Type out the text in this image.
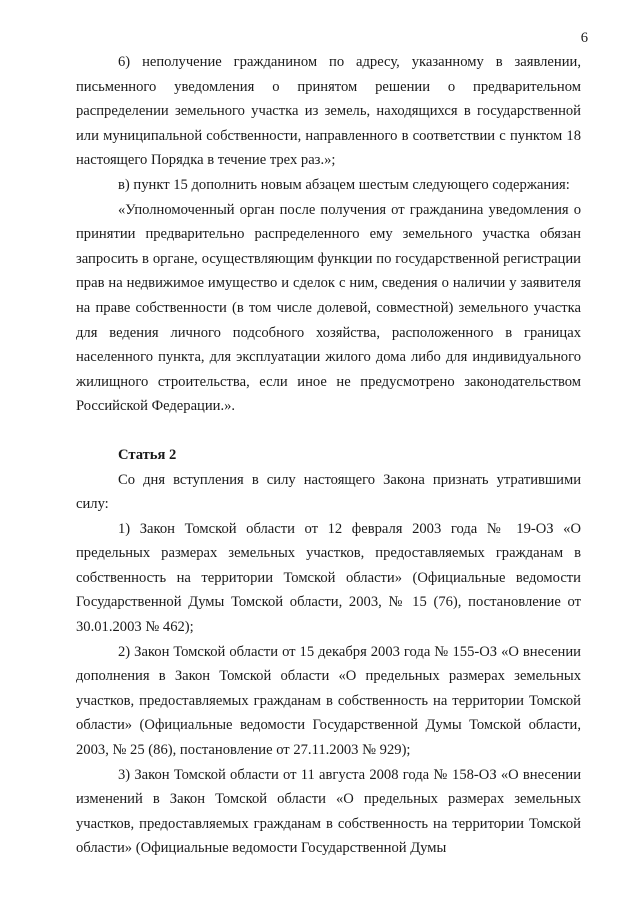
6

6) неполучение гражданином по адресу, указанному в заявлении, письменного уведомления о принятом решении о предварительном распределении земельного участка из земель, находящихся в государственной или муниципальной собственности, направленного в соответствии с пунктом 18 настоящего Порядка в течение трех раз.»;

в) пункт 15 дополнить новым абзацем шестым следующего содержания:

«Уполномоченный орган после получения от гражданина уведомления о принятии предварительно распределенного ему земельного участка обязан запросить в органе, осуществляющим функции по государственной регистрации прав на недвижимое имущество и сделок с ним, сведения о наличии у заявителя на праве собственности (в том числе долевой, совместной) земельного участка для ведения личного подсобного хозяйства, расположенного в границах населенного пункта, для эксплуатации жилого дома либо для индивидуального жилищного строительства, если иное не предусмотрено законодательством Российской Федерации.».

Статья 2

Со дня вступления в силу настоящего Закона признать утратившими силу:

1) Закон Томской области от 12 февраля 2003 года № 19-ОЗ «О предельных размерах земельных участков, предоставляемых гражданам в собственность на территории Томской области» (Официальные ведомости Государственной Думы Томской области, 2003, № 15 (76), постановление от 30.01.2003 № 462);

2) Закон Томской области от 15 декабря 2003 года № 155-ОЗ «О внесении дополнения в Закон Томской области «О предельных размерах земельных участков, предоставляемых гражданам в собственность на территории Томской области» (Официальные ведомости Государственной Думы Томской области, 2003, № 25 (86), постановление от 27.11.2003 № 929);

3) Закон Томской области от 11 августа 2008 года № 158-ОЗ «О внесении изменений в Закон Томской области «О предельных размерах земельных участков, предоставляемых гражданам в собственность на территории Томской области» (Официальные ведомости Государственной Думы
